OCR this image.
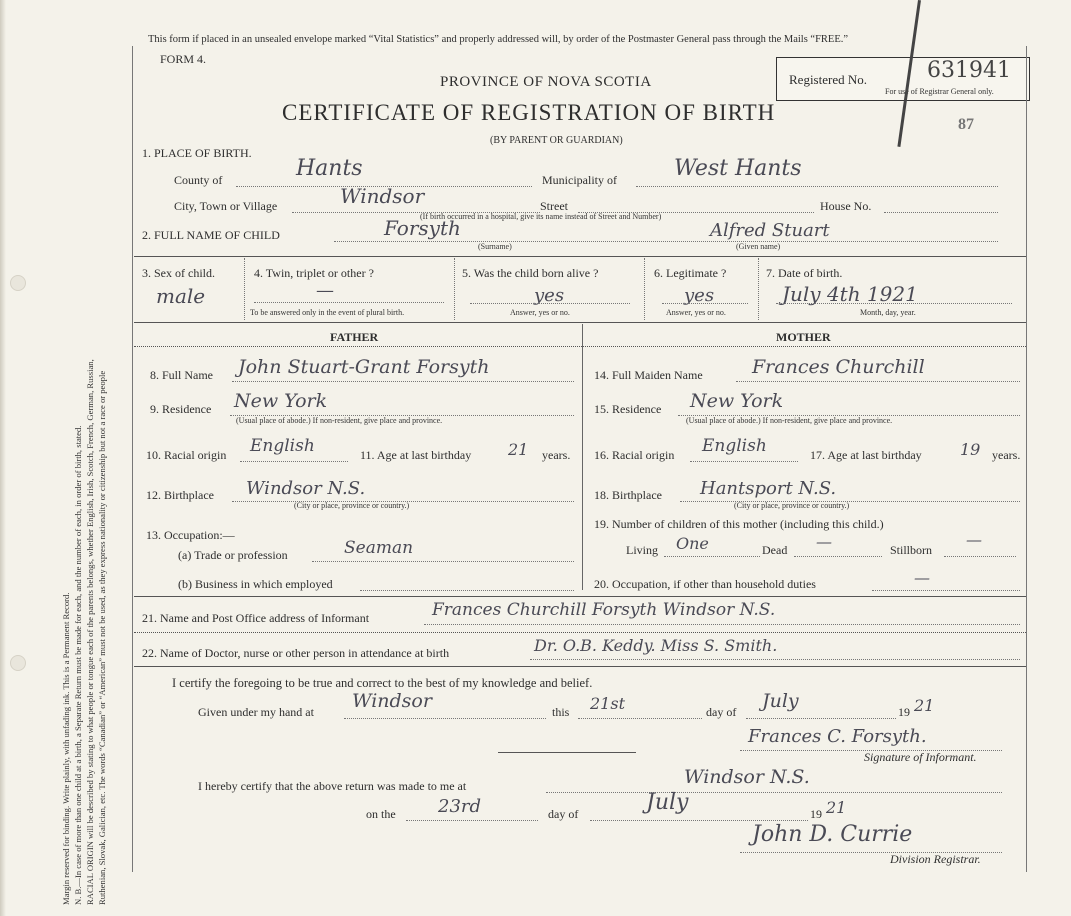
Margin reserved for binding. Write plainly, with unfading ink. This is a Permanent Record. N. B.—In case of more than one child at a birth, a Separate Return must be made for each, and the number of each, in order of birth, stated. RACIAL ORIGIN will be described by stating to what people or tongue each of the parents belongs, whether English, Irish, Scotch, French, German, Russian, Ruthenian, Slovak, Galician, etc. The words “Canadian” or “American” must not be used, as they express nationality or citizenship but not a race or people
This form if placed in an unsealed envelope marked “Vital Statistics” and properly addressed will, by order of the Postmaster General pass through the Mails “FREE.”
FORM 4.
PROVINCE OF NOVA SCOTIA
CERTIFICATE OF REGISTRATION OF BIRTH
(BY PARENT OR GUARDIAN)
Registered No.	631941
For use of Registrar General only.
87
1. PLACE OF BIRTH.
County of	Hants	Municipality of	West Hants
City, Town or Village	Windsor	Street	House No.
(If birth occurred in a hospital, give its name instead of Street and Number)
2. FULL NAME OF CHILD	Forsyth
(Surname)
Alfred Stuart
(Given name)
3. Sex of child.
male
4. Twin, triplet or other ?
—
To be answered only in the event of plural birth.
5. Was the child born alive ?
yes
Answer, yes or no.
6. Legitimate ?
yes
Answer, yes or no.
7. Date of birth.
July 4th 1921
Month, day, year.
FATHER	MOTHER
8. Full Name John Stuart-Grant Forsyth
9. Residence New York
(Usual place of abode.) If non-resident, give place and province.
10. Racial origin English	11. Age at last birthday 21 years.
12. Birthplace Windsor N.S.
(City or place, province or country.)
13. Occupation:—
(a) Trade or profession	Seaman
(b) Business in which employed
14. Full Maiden Name	Frances Churchill
15. Residence New York
(Usual place of abode.) If non-resident, give place and province.
16. Racial origin English	17. Age at last birthday 19 years.
18. Birthplace Hantsport N.S.
(City or place, province or country.)
19. Number of children of this mother (including this child.)
Living One	Dead —	Stillborn
—
20. Occupation, if other than household duties	—
21. Name and Post Office address of Informant	Frances Churchill Forsyth Windsor N.S.
22. Name of Doctor, nurse or other person in attendance at birth	Dr. O.B. Keddy. Miss S. Smith.
I certify the foregoing to be true and correct to the best of my knowledge and belief.
Given under my hand at Windsor	this 21st	day of July	19 21
Frances C. Forsyth.
Signature of Informant.
I hereby certify that the above return was made to me at	Windsor N.S.
on the 23rd	day of	July	19 21
John D. Currie
Division Registrar.
